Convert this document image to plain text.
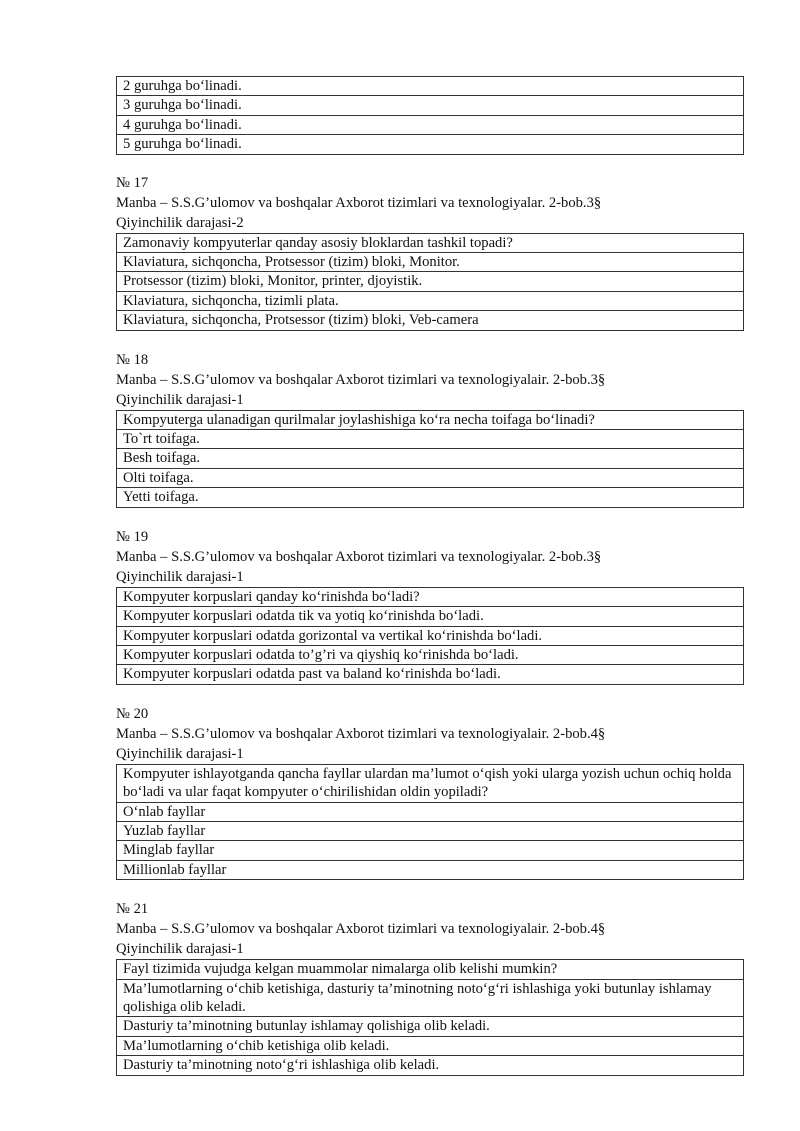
2 guruhga bo‘linadi.
3 guruhga bo‘linadi.
4 guruhga bo‘linadi.
5 guruhga bo‘linadi.
№ 17
Manba – S.S.G’ulomov va boshqalar Axborot tizimlari va texnologiyalar. 2-bob.3§
Qiyinchilik darajasi-2
Zamonaviy kompyuterlar qanday asosiy bloklardan tashkil topadi?
Klaviatura, sichqoncha, Protsessor (tizim) bloki, Monitor.
Protsessor (tizim) bloki, Monitor, printer, djoyistik.
Klaviatura, sichqoncha, tizimli plata.
Klaviatura, sichqoncha, Protsessor (tizim) bloki, Veb-camera
№ 18
Manba – S.S.G’ulomov va boshqalar Axborot tizimlari va texnologiyalair. 2-bob.3§
Qiyinchilik darajasi-1
Kompyuterga ulanadigan qurilmalar joylashishiga ko‘ra necha toifaga bo‘linadi?
To`rt toifaga.
Besh toifaga.
Olti toifaga.
Yetti toifaga.
№ 19
Manba – S.S.G’ulomov va boshqalar Axborot tizimlari va texnologiyalar. 2-bob.3§
Qiyinchilik darajasi-1
Kompyuter korpuslari qanday ko‘rinishda bo‘ladi?
Kompyuter korpuslari odatda tik va yotiq ko‘rinishda bo‘ladi.
Kompyuter korpuslari odatda gorizontal va vertikal ko‘rinishda bo‘ladi.
Kompyuter korpuslari odatda to’g’ri va qiyshiq ko‘rinishda bo‘ladi.
Kompyuter korpuslari odatda past va baland ko‘rinishda bo‘ladi.
№ 20
Manba – S.S.G’ulomov va boshqalar Axborot tizimlari va texnologiyalair. 2-bob.4§
Qiyinchilik darajasi-1
Kompyuter ishlayotganda qancha fayllar ulardan ma’lumot o‘qish yoki ularga yozish uchun ochiq holda bo‘ladi va ular faqat kompyuter o‘chirilishidan oldin yopiladi?
O‘nlab fayllar
Yuzlab fayllar
Minglab fayllar
Millionlab fayllar
№ 21
Manba – S.S.G’ulomov va boshqalar Axborot tizimlari va texnologiyalair. 2-bob.4§
Qiyinchilik darajasi-1
Fayl tizimida vujudga kelgan muammolar nimalarga olib kelishi mumkin?
Ma’lumotlarning o‘chib ketishiga, dasturiy ta’minotning noto‘g‘ri ishlashiga yoki butunlay ishlamay qolishiga olib keladi.
Dasturiy ta’minotning butunlay ishlamay qolishiga olib keladi.
Ma’lumotlarning o‘chib ketishiga olib keladi.
Dasturiy ta’minotning noto‘g‘ri ishlashiga olib keladi.
